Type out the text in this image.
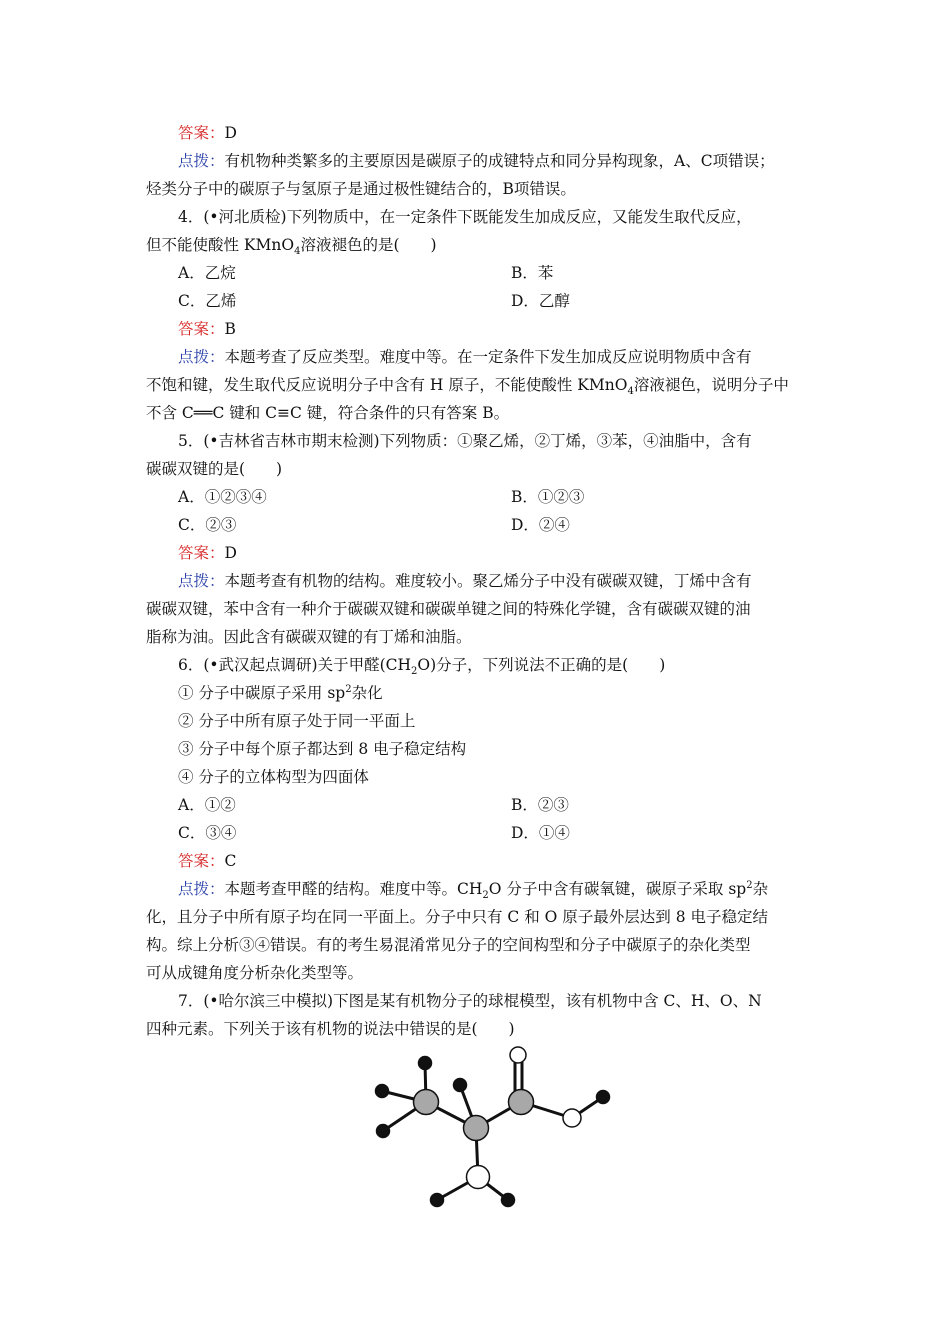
答案：D
点拨：有机物种类繁多的主要原因是碳原子的成键特点和同分异构现象，A、C项错误；
烃类分子中的碳原子与氢原子是通过极性键结合的，B项错误。
4．(•河北质检)下列物质中，在一定条件下既能发生加成反应，又能发生取代反应，
但不能使酸性 KMnO$_4$溶液褪色的是(　　)
A．乙烷	B．苯
C．乙烯	D．乙醇
答案：B
点拨：本题考查了反应类型。难度中等。在一定条件下发生加成反应说明物质中含有
不饱和键，发生取代反应说明分子中含有 H 原子，不能使酸性 KMnO$_4$溶液褪色，说明分子中
不含 C══C 键和 C≡C 键，符合条件的只有答案 B。
5．(•吉林省吉林市期末检测)下列物质：①聚乙烯，②丁烯，③苯，④油脂中，含有
碳碳双键的是(　　)
A．①②③④	B．①②③
C．②③	D．②④
答案：D
点拨：本题考查有机物的结构。难度较小。聚乙烯分子中没有碳碳双键，丁烯中含有
碳碳双键，苯中含有一种介于碳碳双键和碳碳单键之间的特殊化学键，含有碳碳双键的油
脂称为油。因此含有碳碳双键的有丁烯和油脂。
6．(•武汉起点调研)关于甲醛$(CH_2O)$分子，下列说法不正确的是(　　)
① 分子中碳原子采用 $sp^2$杂化
② 分子中所有原子处于同一平面上
③ 分子中每个原子都达到 8 电子稳定结构
④ 分子的立体构型为四面体
A．①②	B．②③
C．③④	D．①④
答案：C
点拨：本题考查甲醛的结构。难度中等。$CH_2O$ 分子中含有碳氧键，碳原子采取 $sp^2$杂
化，且分子中所有原子均在同一平面上。分子中只有 C 和 O 原子最外层达到 8 电子稳定结
构。综上分析③④错误。有的考生易混淆常见分子的空间构型和分子中碳原子的杂化类型
可从成键角度分析杂化类型等。
7．(•哈尔滨三中模拟)下图是某有机物分子的球棍模型，该有机物中含 C、H、O、N
四种元素。下列关于该有机物的说法中错误的是(　　)
